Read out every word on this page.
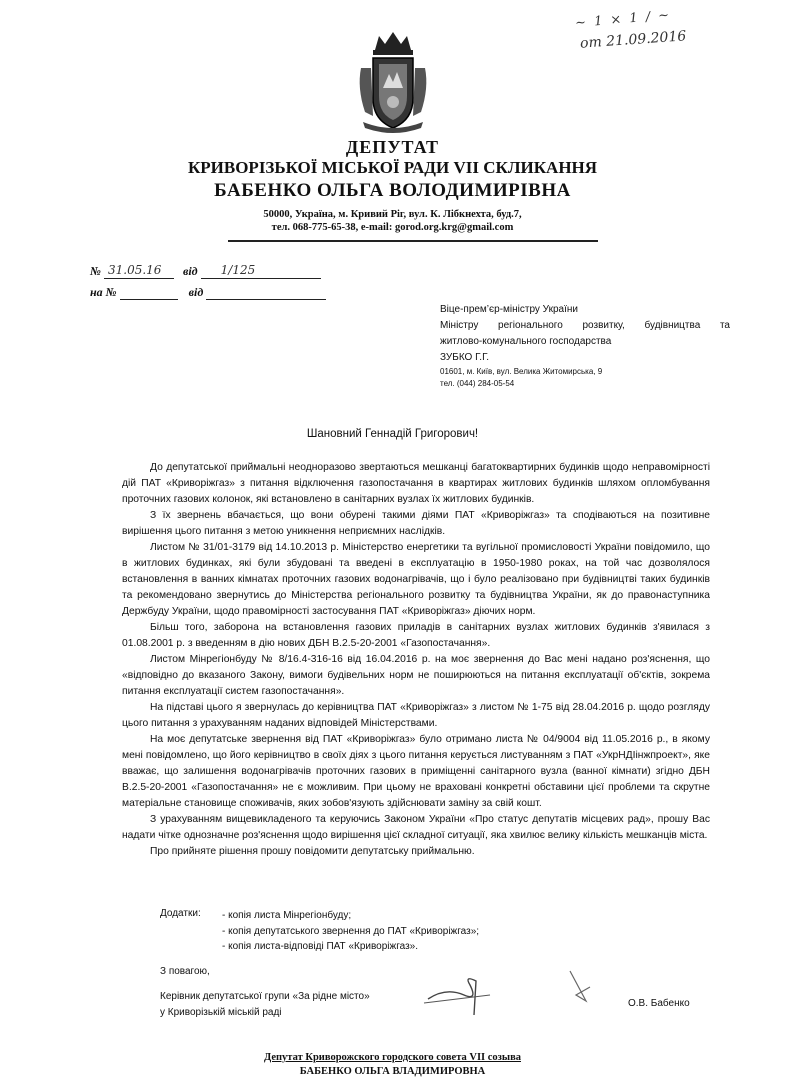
~ 1 × 1 / ~
от 21.09.2016
ДЕПУТАТ
КРИВОРІЗЬКОЇ МІСЬКОЇ РАДИ VII СКЛИКАННЯ
БАБЕНКО ОЛЬГА ВОЛОДИМИРІВНА
50000, Україна, м. Кривий Ріг, вул. К. Лібкнехта, буд.7,
тел. 068-775-65-38, e-mail: gorod.org.krg@gmail.com
№ 31.05.16 від 1/125
на №	від
Віце-прем’єр-міністру України
Міністру регіонального розвитку, будівництва та
житлово-комунального господарства
ЗУБКО Г.Г.
01601, м. Київ, вул. Велика Житомирська, 9
тел. (044) 284-05-54
Шановний Геннадій Григорович!

До депутатської приймальні неодноразово звертаються мешканці багатоквартирних будинків щодо неправомірності дій ПАТ «Криворіжгаз» з питання відключення газопостачання в квартирах житлових будинків шляхом опломбування проточних газових колонок, які встановлено в санітарних вузлах їх житлових будинків.

З їх звернень вбачається, що вони обурені такими діями ПАТ «Криворіжгаз» та сподіваються на позитивне вирішення цього питання з метою уникнення неприємних наслідків.

Листом № 31/01-3179 від 14.10.2013 р. Міністерство енергетики та вугільної промисловості України повідомило, що в житлових будинках, які були збудовані та введені в експлуатацію в 1950-1980 роках, на той час дозволялося встановлення в ванних кімнатах проточних газових водонагрівачів, що і було реалізовано при будівництві таких будинків та рекомендовано звернутись до Міністерства регіонального розвитку та будівництва України, як до правонаступника Держбуду України, щодо правомірності застосування ПАТ «Криворіжгаз» діючих норм.

Більш того, заборона на встановлення газових приладів в санітарних вузлах житлових будинків з'явилася з 01.08.2001 р. з введенням в дію нових ДБН В.2.5-20-2001 «Газопостачання».

Листом Мінрегіонбуду № 8/16.4-316-16 від 16.04.2016 р. на моє звернення до Вас мені надано роз'яснення, що «відповідно до вказаного Закону, вимоги будівельних норм не поширюються на питання експлуатації об'єктів, зокрема питання експлуатації систем газопостачання».

На підставі цього я звернулась до керівництва ПАТ «Криворіжгаз» з листом № 1-75 від 28.04.2016 р. щодо розгляду цього питання з урахуванням наданих відповідей Міністерствами.

На моє депутатське звернення від ПАТ «Криворіжгаз» було отримано листа № 04/9004 від 11.05.2016 р., в якому мені повідомлено, що його керівництво в своїх діях з цього питання керується листуванням з ПАТ «УкрНДІінжпроект», яке вважає, що залишення водонагрівачів проточних газових в приміщенні санітарного вузла (ванної кімнати) згідно ДБН В.2.5-20-2001 «Газопостачання» не є можливим. При цьому не враховані конкретні обставини цієї проблеми та скрутне матеріальне становище споживачів, яких зобов'язують здійснювати заміну за свій кошт.

З урахуванням вищевикладеного та керуючись Законом України «Про статус депутатів місцевих рад», прошу Вас надати чітке однозначне роз'яснення щодо вирішення цієї складної ситуації, яка хвилює велику кількість мешканців міста.

Про прийняте рішення прошу повідомити депутатську приймальню.

Додатки: - копія листа Мінрегіонбуду;
- копія депутатського звернення до ПАТ «Криворіжгаз»;
- копія листа-відповіді ПАТ «Криворіжгаз».
З повагою,
Керівник депутатської групи «За рідне місто»
у Криворізькій міській раді
О.В. Бабенко
Депутат Криворожского городского совета VII созыва
БАБЕНКО ОЛЬГА ВЛАДИМИРОВНА
